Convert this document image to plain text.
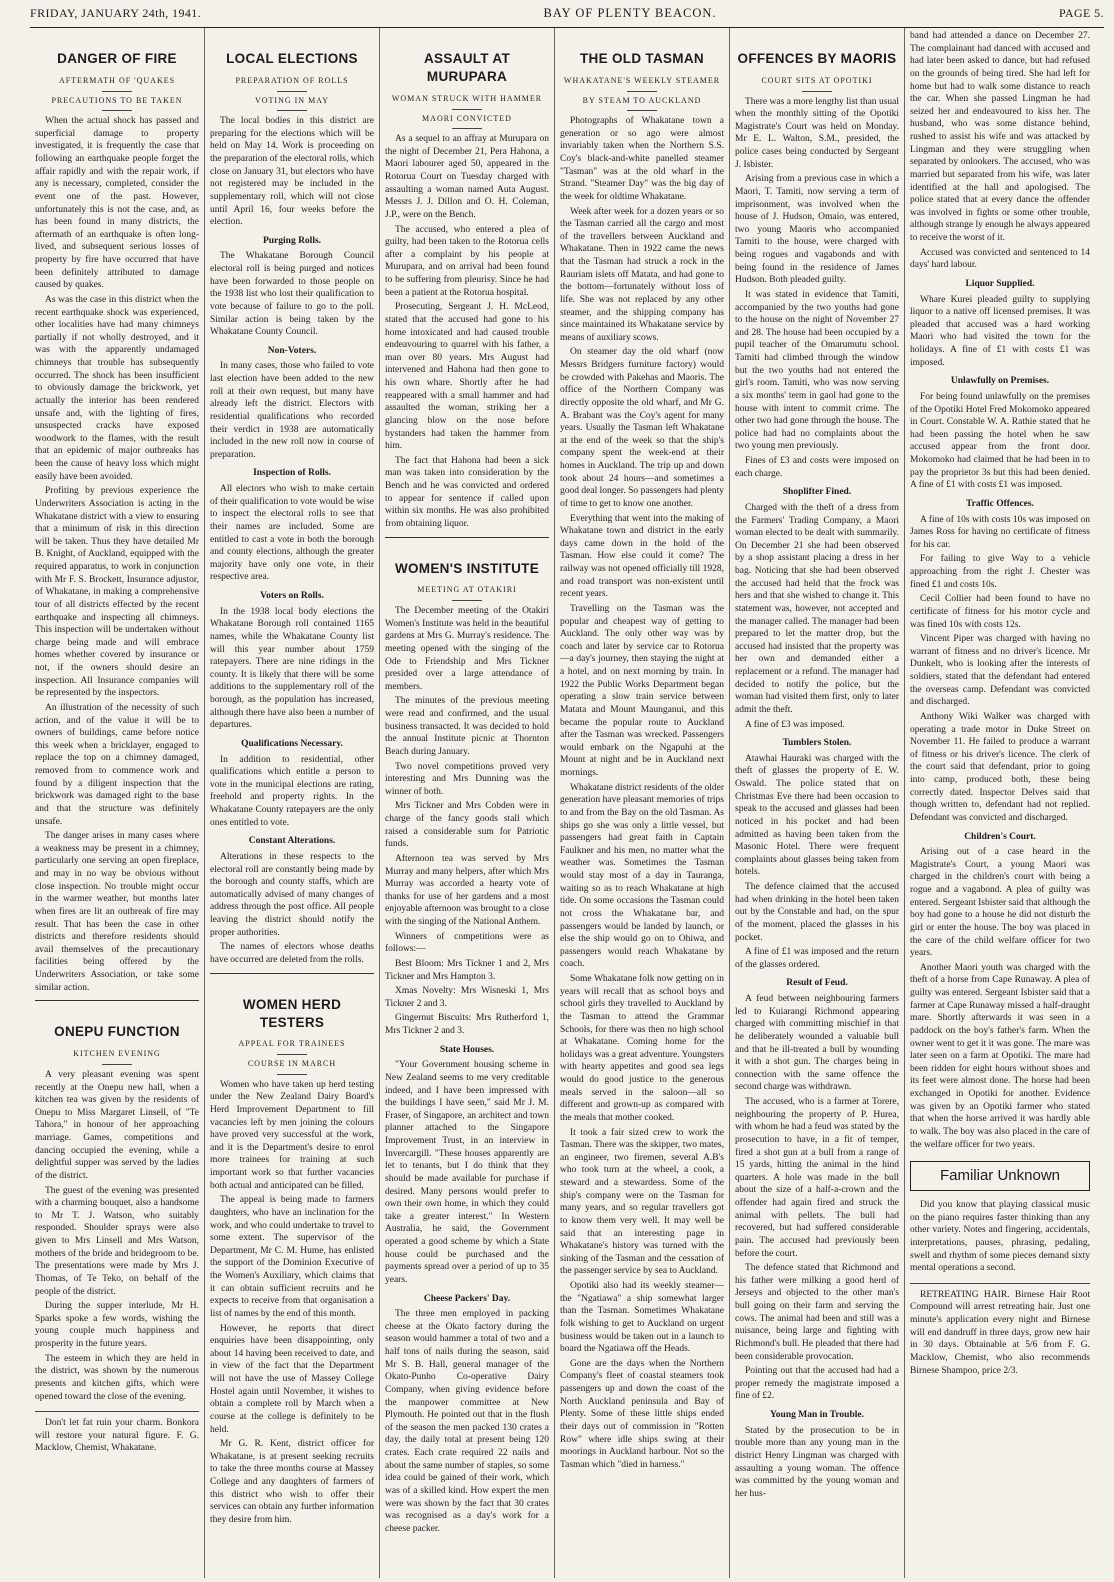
FRIDAY, JANUARY 24th, 1941.	BAY OF PLENTY BEACON.	PAGE 5.
DANGER OF FIRE
AFTERMATH OF 'QUAKES
PRECAUTIONS TO BE TAKEN

When the actual shock has passed and superficial damage to property investigated, it is frequently the case that following an earthquake people forget the affair rapidly and with the repair work, if any is necessary, completed, consider the event one of the past. However, unfortunately this is not the case, and, as has been found in many districts, the aftermath of an earthquake is often long-lived, and subsequent serious losses of property by fire have occurred that have been definitely attributed to damage caused by quakes.

As was the case in this district when the recent earthquake shock was experienced, other localities have had many chimneys partially if not wholly destroyed, and it was with the apparently undamaged chimneys that trouble has subsequently occurred. The shock has been insufficient to obviously damage the brickwork, yet actually the interior has been rendered unsafe and, with the lighting of fires, unsuspected cracks have exposed woodwork to the flames, with the result that an epidemic of major outbreaks has been the cause of heavy loss which might easily have been avoided.

Profiting by previous experience the Underwriters Association is acting in the Whakatane district with a view to ensuring that a minimum of risk in this direction will be taken. Thus they have detailed Mr B. Knight, of Auckland, equipped with the required apparatus, to work in conjunction with Mr F. S. Brockett, Insurance adjustor, of Whakatane, in making a comprehensive tour of all districts effected by the recent earthquake and inspecting all chimneys. This inspection will be undertaken without charge being made and will embrace homes whether covered by insurance or not, if the owners should desire an inspection. All Insurance companies will be represented by the inspectors.

An illustration of the necessity of such action, and of the value it will be to owners of buildings, came before notice this week when a bricklayer, engaged to replace the top on a chimney damaged, removed from to commence work and found by a diligent inspection that the brickwork was damaged right to the base and that the structure was definitely unsafe.

The danger arises in many cases where a weakness may be present in a chimney, particularly one serving an open fireplace, and may in no way be obvious without close inspection. No trouble might occur in the warmer weather, but months later when fires are lit an outbreak of fire may result. That has been the case in other districts and therefore residents should avail themselves of the precautionary facilities being offered by the Underwriters Association, or take some similar action.

ONEPU FUNCTION
KITCHEN EVENING

A very pleasant evening was spent recently at the Onepu new hall, when a kitchen tea was given by the residents of Onepu to Miss Margaret Linsell, of "Te Tahora," in honour of her approaching marriage. Games, competitions and dancing occupied the evening, while a delightful supper was served by the ladies of the district.

The guest of the evening was presented with a charming bouquet, also a handsome to Mr T. J. Watson, who suitably responded. Shoulder sprays were also given to Mrs Linsell and Mrs Watson, mothers of the bride and bridegroom to be. The presentations were made by Mrs J. Thomas, of Te Teko, on behalf of the people of the district.

During the supper interlude, Mr H. Sparks spoke a few words, wishing the young couple much happiness and prosperity in the future years.

The esteem in which they are held in the district, was shown by the numerous presents and kitchen gifts, which were opened toward the close of the evening.

Don't let fat ruin your charm. Bonkora will restore your natural figure. F. G. Macklow, Chemist, Whakatane.

LOCAL ELECTIONS
PREPARATION OF ROLLS
VOTING IN MAY

The local bodies in this district are preparing for the elections which will be held on May 14. Work is proceeding on the preparation of the electoral rolls, which close on January 31, but electors who have not registered may be included in the supplementary roll, which will not close until April 16, four weeks before the election.

Purging Rolls.

The Whakatane Borough Council electoral roll is being purged and notices have been forwarded to those people on the 1938 list who lost their qualification to vote because of failure to go to the poll. Similar action is being taken by the Whakatane County Council.

Non-Voters.

In many cases, those who failed to vote last election have been added to the new roll at their own request, but many have already left the district. Electors with residential qualifications who recorded their verdict in 1938 are automatically included in the new roll now in course of preparation.

Inspection of Rolls.

All electors who wish to make certain of their qualification to vote would be wise to inspect the electoral rolls to see that their names are included. Some are entitled to cast a vote in both the borough and county elections, although the greater majority have only one vote, in their respective area.

Voters on Rolls.

In the 1938 local body elections the Whakatane Borough roll contained 1165 names, while the Whakatane County list will this year number about 1759 ratepayers. There are nine ridings in the county. It is likely that there will be some additions to the supplementary roll of the borough, as the population has increased, although there have also been a number of departures.

Qualifications Necessary.

In addition to residential, other qualifications which entitle a person to vote in the municipal elections are rating, freehold and property rights. In the Whakatane County ratepayers are the only ones entitled to vote.

Constant Alterations.

Alterations in these respects to the electoral roll are constantly being made by the borough and county staffs, which are automatically advised of many changes of address through the post office. All people leaving the district should notify the proper authorities.

The names of electors whose deaths have occurred are deleted from the rolls.

WOMEN HERD TESTERS
APPEAL FOR TRAINEES
COURSE IN MARCH

Women who have taken up herd testing under the New Zealand Dairy Board's Herd Improvement Department to fill vacancies left by men joining the colours have proved very successful at the work, and it is the Department's desire to enrol more trainees for training at such important work so that further vacancies both actual and anticipated can be filled.

The appeal is being made to farmers daughters, who have an inclination for the work, and who could undertake to travel to some extent. The supervisor of the Department, Mr C. M. Hume, has enlisted the support of the Dominion Executive of the Women's Auxiliary, which claims that it can obtain sufficient recruits and he expects to receive from that organisation a list of names by the end of this month.

However, he reports that direct enquiries have been disappointing, only about 14 having been received to date, and in view of the fact that the Department will not have the use of Massey College Hostel again until November, it wishes to obtain a complete roll by March when a course at the college is definitely to be held.

Mr G. R. Kent, district officer for Whakatane, is at present seeking recruits to take the three months course at Massey College and any daughters of farmers of this district who wish to offer their services can obtain any further information they desire from him.

ASSAULT AT MURUPARA
WOMAN STRUCK WITH HAMMER
MAORI CONVICTED

As a sequel to an affray at Murupara on the night of December 21, Pera Hahona, a Maori labourer aged 50, appeared in the Rotorua Court on Tuesday charged with assaulting a woman named Auta August. Messrs J. J. Dillon and O. H. Coleman, J.P., were on the Bench.

The accused, who entered a plea of guilty, had been taken to the Rotorua cells after a complaint by his people at Murupara, and on arrival had been found to be suffering from pleurisy. Since he had been a patient at the Rotorua hospital.

Prosecuting, Sergeant J. H. McLeod, stated that the accused had gone to his home intoxicated and had caused trouble endeavouring to quarrel with his father, a man over 80 years. Mrs August had intervened and Hahona had then gone to his own whare. Shortly after he had reappeared with a small hammer and had assaulted the woman, striking her a glancing blow on the nose before bystanders had taken the hammer from him.

The fact that Hahona had been a sick man was taken into consideration by the Bench and he was convicted and ordered to appear for sentence if called upon within six months. He was also prohibited from obtaining liquor.

WOMEN'S INSTITUTE
MEETING AT OTAKIRI

The December meeting of the Otakiri Women's Institute was held in the beautiful gardens at Mrs G. Murray's residence. The meeting opened with the singing of the Ode to Friendship and Mrs Tickner presided over a large attendance of members.

The minutes of the previous meeting were read and confirmed, and the usual business transacted. It was decided to hold the annual Institute picnic at Thornton Beach during January.

Two novel competitions proved very interesting and Mrs Dunning was the winner of both.

Mrs Tickner and Mrs Cobden were in charge of the fancy goods stall which raised a considerable sum for Patriotic funds.

Afternoon tea was served by Mrs Murray and many helpers, after which Mrs Murray was accorded a hearty vote of thanks for use of her gardens and a most enjoyable afternoon was brought to a close with the singing of the National Anthem.

Winners of competitions were as follows:—

Best Bloom: Mrs Tickner 1 and 2, Mrs Tickner and Mrs Hampton 3.

Xmas Novelty: Mrs Wisneski 1, Mrs Tickner 2 and 3.

Gingernut Biscuits: Mrs Rutherford 1, Mrs Tickner 2 and 3.

State Houses.

"Your Government housing scheme in New Zealand seems to me very creditable indeed, and I have been impressed with the buildings I have seen," said Mr J. M. Fraser, of Singapore, an architect and town planner attached to the Singapore Improvement Trust, in an interview in Invercargill. "These houses apparently are let to tenants, but I do think that they should be made available for purchase if desired. Many persons would prefer to own their own home, in which they could take a greater interest." In Western Australia, he said, the Government operated a good scheme by which a State house could be purchased and the payments spread over a period of up to 35 years.

Cheese Packers' Day.

The three men employed in packing cheese at the Okato factory during the season would hammer a total of two and a half tons of nails during the season, said Mr S. B. Hall, general manager of the Okato-Punho Co-operative Dairy Company, when giving evidence before the manpower committee at New Plymouth. He pointed out that in the flush of the season the men packed 130 crates a day, the daily total at present being 120 crates. Each crate required 22 nails and about the same number of staples, so some idea could be gained of their work, which was of a skilled kind. How expert the men were was shown by the fact that 30 crates was recognised as a day's work for a cheese packer.

THE OLD TASMAN
WHAKATANE'S WEEKLY STEAMER
BY STEAM TO AUCKLAND

Photographs of Whakatane town a generation or so ago were almost invariably taken when the Northern S.S. Coy's black-and-white panelled steamer "Tasman" was at the old wharf in the Strand. "Steamer Day" was the big day of the week for oldtime Whakatane.

Week after week for a dozen years or so the Tasman carried all the cargo and most of the travellers between Auckland and Whakatane. Then in 1922 came the news that the Tasman had struck a rock in the Rauriam islets off Matata, and had gone to the bottom—fortunately without loss of life. She was not replaced by any other steamer, and the shipping company has since maintained its Whakatane service by means of auxiliary scows.

On steamer day the old wharf (now Messrs Bridgers furniture factory) would be crowded with Pakehas and Maoris. The office of the Northern Company was directly opposite the old wharf, and Mr G. A. Brabant was the Coy's agent for many years. Usually the Tasman left Whakatane at the end of the week so that the ship's company spent the week-end at their homes in Auckland. The trip up and down took about 24 hours—and sometimes a good deal longer. So passengers had plenty of time to get to know one another.

Everything that went into the making of Whakatane town and district in the early days came down in the hold of the Tasman. How else could it come? The railway was not opened officially till 1928, and road transport was non-existent until recent years.

Travelling on the Tasman was the popular and cheapest way of getting to Auckland. The only other way was by coach and later by service car to Rotorua—a day's journey, then staying the night at a hotel, and on next morning by train. In 1922 the Public Works Department began operating a slow train service between Matata and Mount Maunganui, and this became the popular route to Auckland after the Tasman was wrecked. Passengers would embark on the Ngapuhi at the Mount at night and be in Auckland next mornings.

Whakatane district residents of the older generation have pleasant memories of trips to and from the Bay on the old Tasman. As ships go she was only a little vessel, but passengers had great faith in Captain Faulkner and his men, no matter what the weather was. Sometimes the Tasman would stay most of a day in Tauranga, waiting so as to reach Whakatane at high tide. On some occasions the Tasman could not cross the Whakatane bar, and passengers would be landed by launch, or else the ship would go on to Ohiwa, and passengers would reach Whakatane by coach.

Some Whakatane folk now getting on in years will recall that as school boys and school girls they travelled to Auckland by the Tasman to attend the Grammar Schools, for there was then no high school at Whakatane. Coming home for the holidays was a great adventure. Youngsters with hearty appetites and good sea legs would do good justice to the generous meals served in the saloon—all so different and grown-up as compared with the meals that mother cooked.

It took a fair sized crew to work the Tasman. There was the skipper, two mates, an engineer, two firemen, several A.B's who took turn at the wheel, a cook, a steward and a stewardess. Some of the ship's company were on the Tasman for many years, and so regular travellers got to know them very well. It may well be said that an interesting page in Whakatane's history was turned with the sinking of the Tasman and the cessation of the passenger service by sea to Auckland.

Opotiki also had its weekly steamer—the "Ngatiawa" a ship somewhat larger than the Tasman. Sometimes Whakatane folk wishing to get to Auckland on urgent business would be taken out in a launch to board the Ngatiawa off the Heads.

Gone are the days when the Northern Company's fleet of coastal steamers took passengers up and down the coast of the North Auckland peninsula and Bay of Plenty. Some of these little ships ended their days out of commission in "Rotten Row" where idle ships swing at their moorings in Auckland harbour. Not so the Tasman which "died in harness."

OFFENCES BY MAORIS
COURT SITS AT OPOTIKI

There was a more lengthy list than usual when the monthly sitting of the Opotiki Magistrate's Court was held on Monday. Mr E. L. Walton, S.M., presided, the police cases being conducted by Sergeant J. Isbister.

Arising from a previous case in which a Maori, T. Tamiti, now serving a term of imprisonment, was involved when the house of J. Hudson, Omaio, was entered, two young Maoris who accompanied Tamiti to the house, were charged with being rogues and vagabonds and with being found in the residence of James Hudson. Both pleaded guilty.

It was stated in evidence that Tamiti, accompanied by the two youths had gone to the house on the night of November 27 and 28. The house had been occupied by a pupil teacher of the Omarumutu school. Tamiti had climbed through the window but the two youths had not entered the girl's room. Tamiti, who was now serving a six months' term in gaol had gone to the house with intent to commit crime. The other two had gone through the house. The police had had no complaints about the two young men previously.

Fines of £3 and costs were imposed on each charge.

Shoplifter Fined.

Charged with the theft of a dress from the Farmers' Trading Company, a Maori woman elected to be dealt with summarily. On December 21 she had been observed by a shop assistant placing a dress in her bag. Noticing that she had been observed the accused had held that the frock was hers and that she wished to change it. This statement was, however, not accepted and the manager called. The manager had been prepared to let the matter drop, but the accused had insisted that the property was her own and demanded either a replacement or a refund. The manager had decided to notify the police, but the woman had visited them first, only to later admit the theft.

A fine of £3 was imposed.

Tumblers Stolen.

Atawhai Hauraki was charged with the theft of glasses the property of E. W. Oswald. The police stated that on Christmas Eve there had been occasion to speak to the accused and glasses had been noticed in his pocket and had been admitted as having been taken from the Masonic Hotel. There were frequent complaints about glasses being taken from hotels.

The defence claimed that the accused had when drinking in the hotel been taken out by the Constable and had, on the spur of the moment, placed the glasses in his pocket.

A fine of £1 was imposed and the return of the glasses ordered.

Result of Feud.

A feud between neighbouring farmers led to Kuiarangi Richmond appearing charged with committing mischief in that he deliberately wounded a valuable bull and that he ill-treated a bull by wounding it with a shot gun. The charges being in connection with the same offence the second charge was withdrawn.

The accused, who is a farmer at Torere, neighbouring the property of P. Hurea, with whom he had a feud was stated by the prosecution to have, in a fit of temper, fired a shot gun at a bull from a range of 15 yards, hitting the animal in the hind quarters. A hole was made in the bull about the size of a half-a-crown and the offender had again fired and struck the animal with pellets. The bull had recovered, but had suffered considerable pain. The accused had previously been before the court.

The defence stated that Richmond and his father were milking a good herd of Jerseys and objected to the other man's bull going on their farm and serving the cows. The animal had been and still was a nuisance, being large and fighting with Richmond's bull. He pleaded that there had been considerable provocation.

Pointing out that the accused had had a proper remedy the magistrate imposed a fine of £2.

Young Man in Trouble.

Stated by the prosecution to be in trouble more than any young man in the district Henry Lingman was charged with assaulting a young woman. The offence was committed by the young woman and her hus-

band had attended a dance on December 27. The complainant had danced with accused and had later been asked to dance, but had refused on the grounds of being tired. She had left for home but had to walk some distance to reach the car. When she passed Lingman he had seized her and endeavoured to kiss her. The husband, who was some distance behind, rushed to assist his wife and was attacked by Lingman and they were struggling when separated by onlookers. The accused, who was married but separated from his wife, was later identified at the hall and apologised. The police stated that at every dance the offender was involved in fights or some other trouble, although strange ly enough he always appeared to receive the worst of it.

Accused was convicted and sentenced to 14 days' hard labour.

Liquor Supplied.

Whare Kurei pleaded guilty to supplying liquor to a native off licensed premises. It was pleaded that accused was a hard working Maori who had visited the town for the holidays. A fine of £1 with costs £1 was imposed.

Unlawfully on Premises.

For being found unlawfully on the premises of the Opotiki Hotel Fred Mokomoko appeared in Court. Constable W. A. Rathie stated that he had been passing the hotel when he saw accused appear from the front door. Mokomoko had claimed that he had been in to pay the proprietor 3s but this had been denied. A fine of £1 with costs £1 was imposed.

Traffic Offences.

A fine of 10s with costs 10s was imposed on James Ross for having no certificate of fitness for his car.

For failing to give Way to a vehicle approaching from the right J. Chester was fined £1 and costs 10s.

Cecil Collier had been found to have no certificate of fitness for his motor cycle and was fined 10s with costs 12s.

Vincent Piper was charged with having no warrant of fitness and no driver's licence. Mr Dunkelt, who is looking after the interests of soldiers, stated that the defendant had entered the overseas camp. Defendant was convicted and discharged.

Anthony Wiki Walker was charged with operating a trade motor in Duke Street on November 11. He failed to produce a warrant of fitness or his driver's licence. The clerk of the court said that defendant, prior to going into camp, produced both, these being correctly dated. Inspector Delves said that though written to, defendant had not replied. Defendant was convicted and discharged.

Children's Court.

Arising out of a case heard in the Magistrate's Court, a young Maori was charged in the children's court with being a rogue and a vagabond. A plea of guilty was entered. Sergeant Isbister said that although the boy had gone to a house he did not disturb the girl or enter the house. The boy was placed in the care of the child welfare officer for two years.

Another Maori youth was charged with the theft of a horse from Cape Runaway. A plea of guilty was entered. Sergeant Isbister said that a farmer at Cape Runaway missed a half-draught mare. Shortly afterwards it was seen in a paddock on the boy's father's farm. When the owner went to get it it was gone. The mare was later seen on a farm at Opotiki. The mare had been ridden for eight hours without shoes and its feet were almost done. The horse had been exchanged in Opotiki for another. Evidence was given by an Opotiki farmer who stated that when the horse arrived it was hardly able to walk. The boy was also placed in the care of the welfare officer for two years.

Familiar Unknown

Did you know that playing classical music on the piano requires faster thinking than any other variety. Notes and fingering, accidentals, interpretations, pauses, phrasing, pedaling, swell and rhythm of some pieces demand sixty mental operations a second.

RETREATING HAIR. Birnese Hair Root Compound will arrest retreating hair. Just one minute's application every night and Birnese will end dandruff in three days, grow new hair in 30 days. Obtainable at 5/6 from F. G. Macklow, Chemist, who also recommends Birnese Shampoo, price 2/3.
